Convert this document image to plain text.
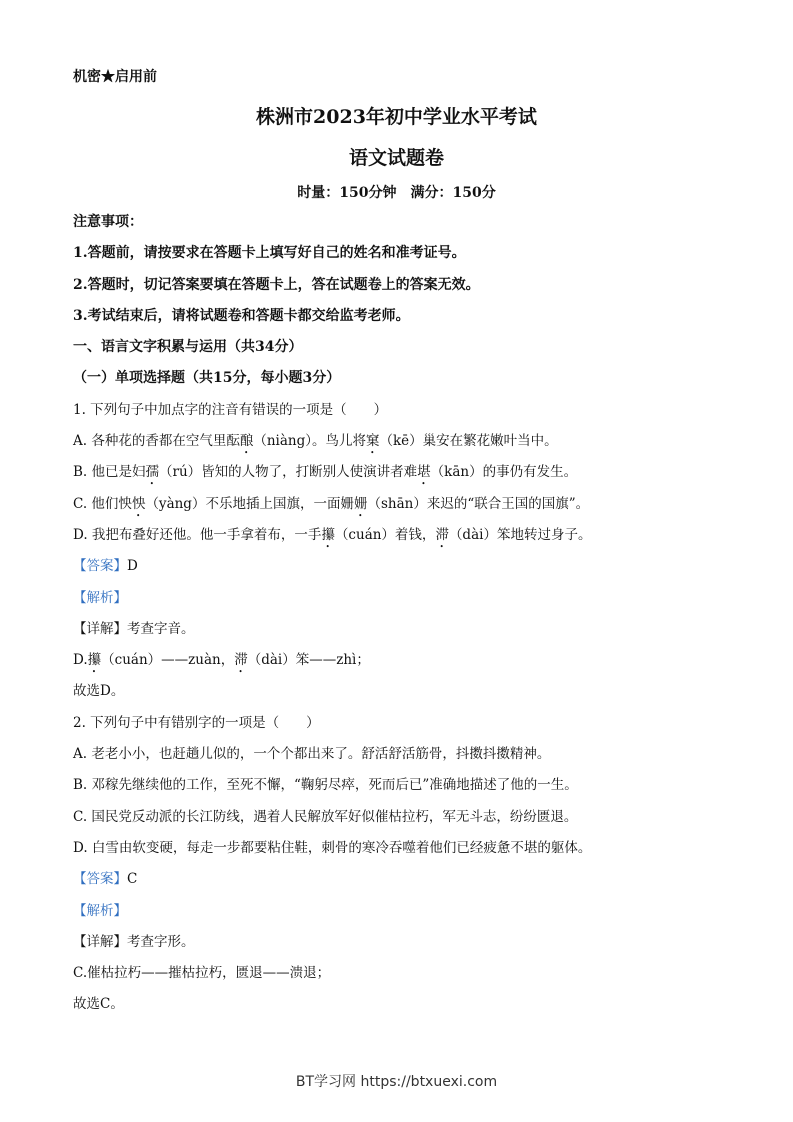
机密★启用前
株洲市2023年初中学业水平考试
语文试题卷
时量：150分钟　满分：150分
注意事项：
1.答题前，请按要求在答题卡上填写好自己的姓名和准考证号。
2.答题时，切记答案要填在答题卡上，答在试题卷上的答案无效。
3.考试结束后，请将试题卷和答题卡都交给监考老师。
一、语言文字积累与运用（共34分）
（一）单项选择题（共15分，每小题3分）
1. 下列句子中加点字的注音有错误的一项是（　　）
A. 各种花的香都在空气里酝酿（niàng）。鸟儿将窠（kē）巢安在繁花嫩叶当中。
B. 他已是妇孺（rú）皆知的人物了，打断别人使演讲者难堪（kān）的事仍有发生。
C. 他们怏怏（yàng）不乐地插上国旗，一面姗姗（shān）来迟的“联合王国的国旗”。
D. 我把布叠好还他。他一手拿着布，一手攥（cuán）着钱，滞（dài）笨地转过身子。
【答案】D
【解析】
【详解】考查字音。
D.攥（cuán）——zuàn，滞（dài）笨——zhì；
故选D。
2. 下列句子中有错别字的一项是（　　）
A. 老老小小，也赶趟儿似的，一个个都出来了。舒活舒活筋骨，抖擞抖擞精神。
B. 邓稼先继续他的工作，至死不懈，“鞠躬尽瘁，死而后已”准确地描述了他的一生。
C. 国民党反动派的长江防线，遇着人民解放军好似催枯拉朽，军无斗志，纷纷匮退。
D. 白雪由软变硬，每走一步都要粘住鞋，刺骨的寒冷吞噬着他们已经疲惫不堪的躯体。
【答案】C
【解析】
【详解】考查字形。
C.催枯拉朽——摧枯拉朽，匮退——溃退；
故选C。
BT学习网 https://btxuexi.com
